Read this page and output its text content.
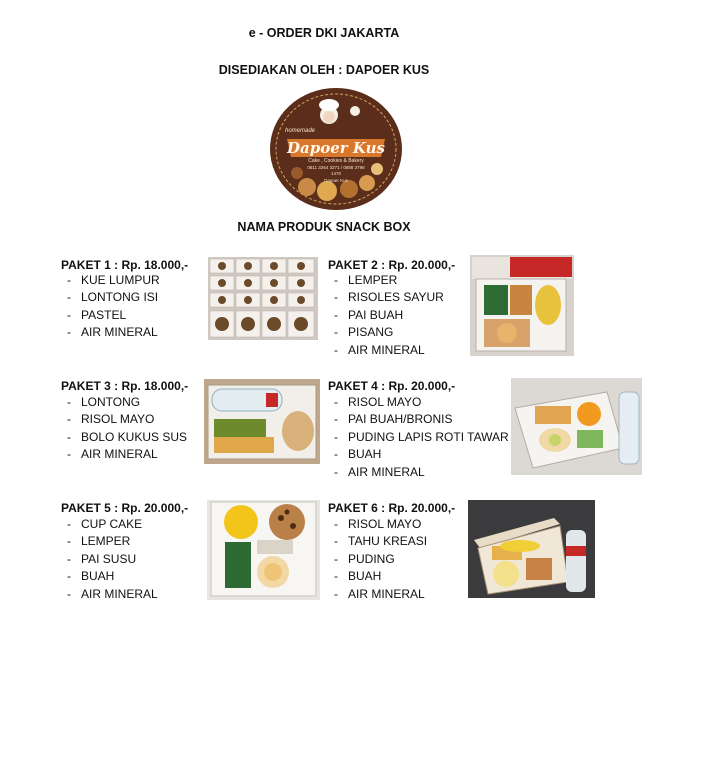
e - ORDER DKI JAKARTA
DISEDIAKAN OLEH : DAPOER KUS
homemade
Dapoer Kus
Cake , Cookies & Bakery
0811 3264 3271 / 0888 3798 1470
Dapoer Kus
NAMA PRODUK SNACK BOX
PAKET 1 : Rp. 18.000,-
- KUE LUMPUR
- LONTONG ISI
- PASTEL
- AIR MINERAL
PAKET 2 : Rp. 20.000,-
- LEMPER
- RISOLES SAYUR
- PAI BUAH
- PISANG
- AIR MINERAL
PAKET 3 : Rp. 18.000,-
- LONTONG
- RISOL MAYO
- BOLO KUKUS SUS
- AIR MINERAL
PAKET 4 : Rp. 20.000,-
- RISOL MAYO
- PAI BUAH/BRONIS
- PUDING LAPIS ROTI TAWAR
- BUAH
- AIR MINERAL
PAKET 5 : Rp. 20.000,-
- CUP CAKE
- LEMPER
- PAI SUSU
- BUAH
- AIR MINERAL
PAKET 6 : Rp. 20.000,-
- RISOL MAYO
- TAHU KREASI
- PUDING
- BUAH
- AIR MINERAL
